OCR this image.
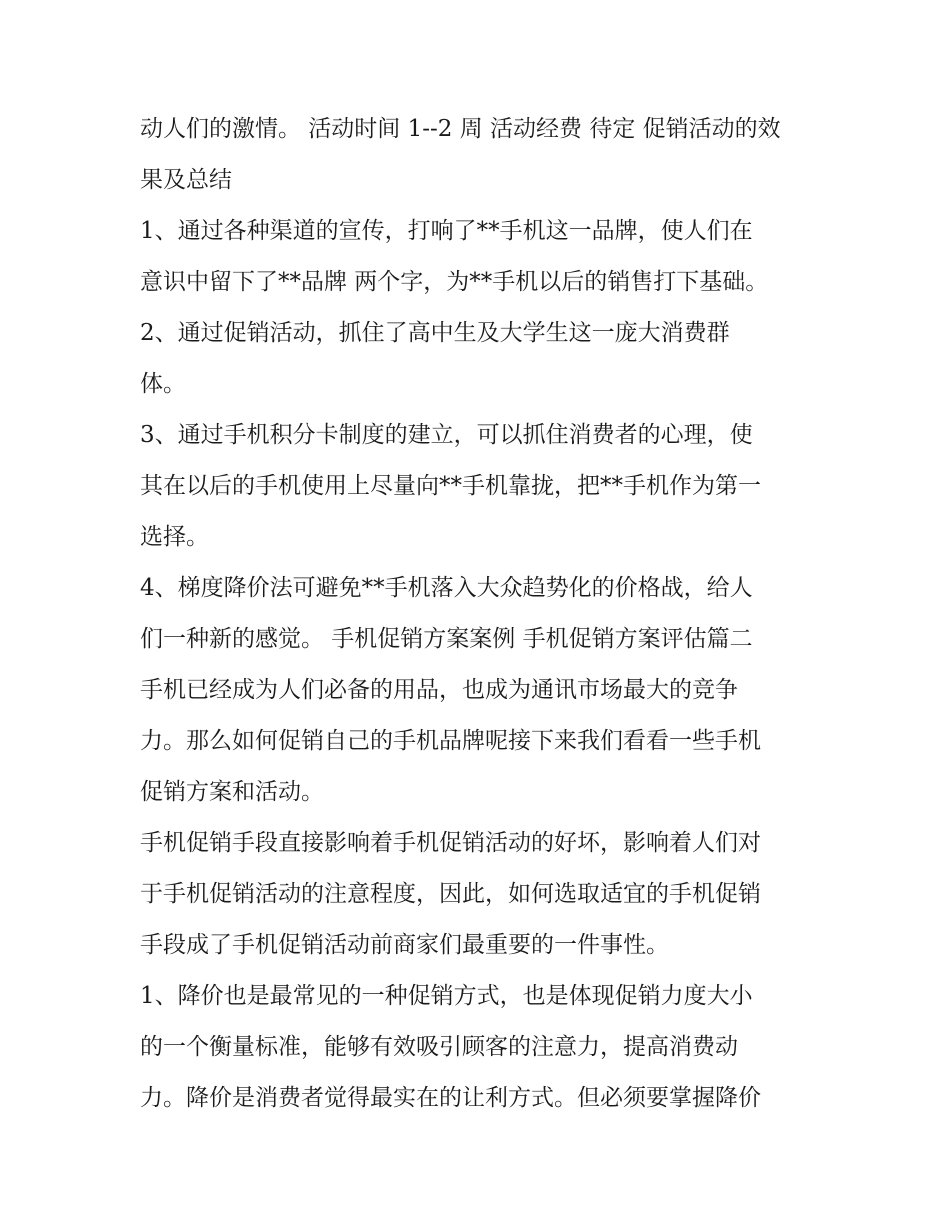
动人们的激情。 活动时间 1--2 周 活动经费 待定 促销活动的效
果及总结
1、通过各种渠道的宣传，打响了**手机这一品牌，使人们在
意识中留下了**品牌 两个字，为**手机以后的销售打下基础。
2、通过促销活动，抓住了高中生及大学生这一庞大消费群
体。
3、通过手机积分卡制度的建立，可以抓住消费者的心理，使
其在以后的手机使用上尽量向**手机靠拢，把**手机作为第一
选择。
4、梯度降价法可避免**手机落入大众趋势化的价格战，给人
们一种新的感觉。 手机促销方案案例 手机促销方案评估篇二
手机已经成为人们必备的用品，也成为通讯市场最大的竞争
力。那么如何促销自己的手机品牌呢接下来我们看看一些手机
促销方案和活动。
手机促销手段直接影响着手机促销活动的好坏，影响着人们对
于手机促销活动的注意程度，因此，如何选取适宜的手机促销
手段成了手机促销活动前商家们最重要的一件事性。
1、降价也是最常见的一种促销方式，也是体现促销力度大小
的一个衡量标准，能够有效吸引顾客的注意力，提高消费动
力。降价是消费者觉得最实在的让利方式。但必须要掌握降价
